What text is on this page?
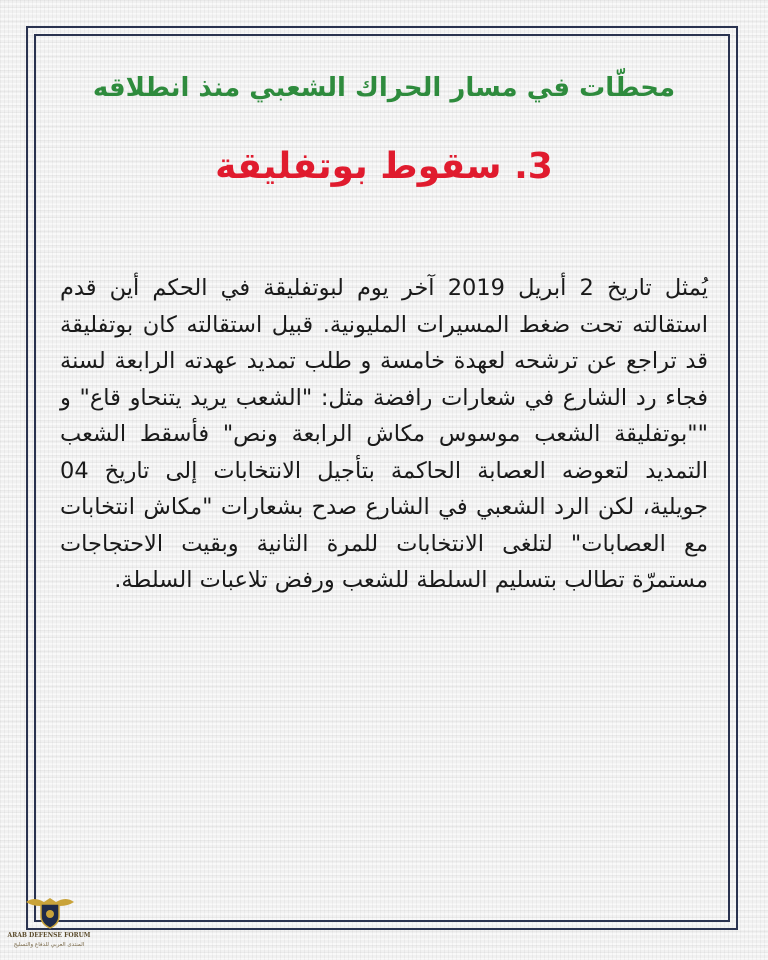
محطّات في مسار الحراك الشعبي منذ انطلاقه
3. سقوط بوتفليقة

يُمثل تاريخ 2 أبريل 2019 آخر يوم لبوتفليقة في الحكم أين قدم استقالته تحت ضغط المسيرات المليونية. قبيل استقالته كان بوتفليقة قد تراجع عن ترشحه لعهدة خامسة و طلب تمديد عهدته الرابعة لسنة فجاء رد الشارع في شعارات رافضة مثل: "الشعب يريد يتنحاو قاع" و ""بوتفليقة الشعب موسوس مكاش الرابعة ونص" فأسقط الشعب التمديد لتعوضه العصابة الحاكمة بتأجيل الانتخابات إلى تاريخ 04 جويلية، لكن الرد الشعبي في الشارع صدح بشعارات "مكاش انتخابات مع العصابات" لتلغى الانتخابات للمرة الثانية وبقيت الاحتجاجات مستمرّة تطالب بتسليم السلطة للشعب ورفض تلاعبات السلطة.

ARAB DEFENSE FORUM
المنتدى العربي للدفاع والتسليح
